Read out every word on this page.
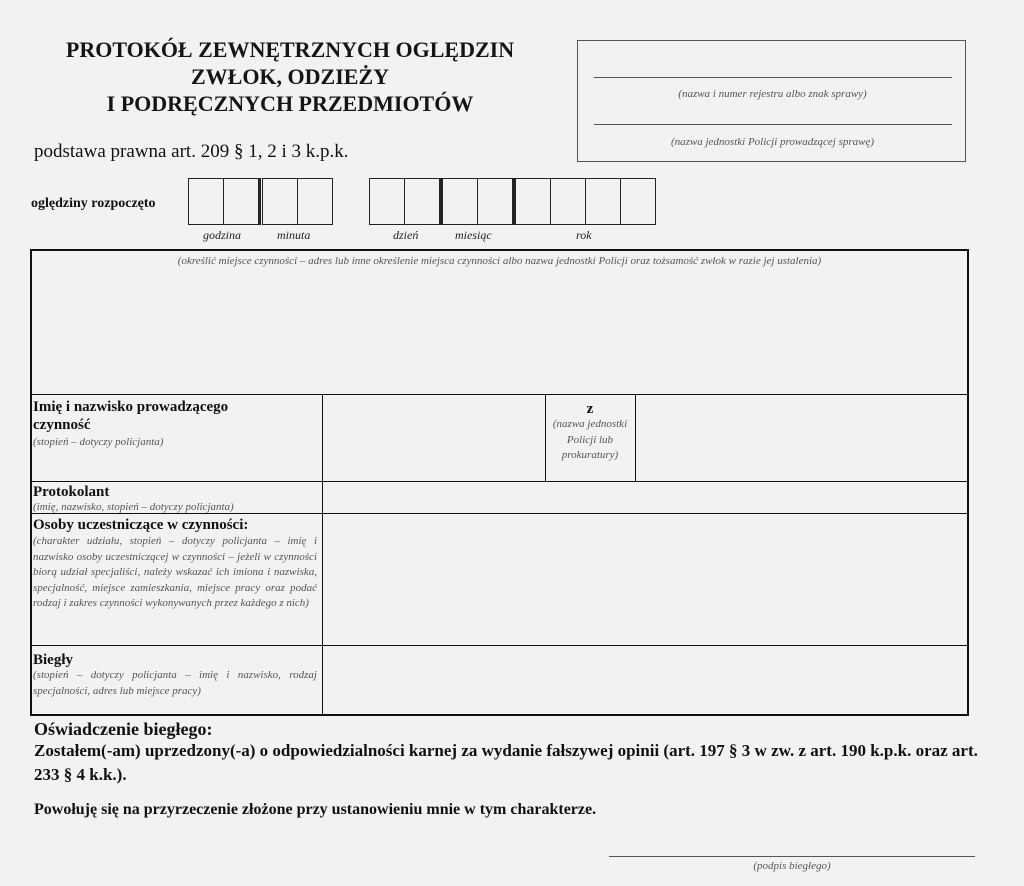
PROTOKÓŁ ZEWNĘTRZNYCH OGLĘDZIN
ZWŁOK, ODZIEŻY
I PODRĘCZNYCH PRZEDMIOTÓW
podstawa prawna art. 209 § 1, 2 i 3 k.p.k.
(nazwa i numer rejestru albo znak sprawy)
(nazwa jednostki Policji prowadzącej sprawę)
oględziny rozpoczęto
godzina	minuta	dzień	miesiąc	rok
(określić miejsce czynności – adres lub inne określenie miejsca czynności albo nazwa jednostki Policji oraz tożsamość zwłok w razie jej ustalenia)
Imię i nazwisko prowadzącego
czynność
(stopień – dotyczy policjanta)
z
(nazwa jednostki Policji lub prokuratury)
Protokolant
(imię, nazwisko, stopień – dotyczy policjanta)
Osoby uczestniczące w czynności:
(charakter udziału, stopień – dotyczy policjanta – imię i nazwisko osoby uczestniczącej w czynności – jeżeli w czynności biorą udział specjaliści, należy wskazać ich imiona i nazwiska, specjalność, miejsce zamieszkania, miejsce pracy oraz podać rodzaj i zakres czynności wykonywanych przez każdego z nich)
Biegły
(stopień – dotyczy policjanta – imię i nazwisko, rodzaj specjalności, adres lub miejsce pracy)
Oświadczenie biegłego:
Zostałem(-am) uprzedzony(-a) o odpowiedzialności karnej za wydanie fałszywej opinii (art. 197 § 3 w zw. z art. 190 k.p.k. oraz art. 233 § 4 k.k.).
Powołuję się na przyrzeczenie złożone przy ustanowieniu mnie w tym charakterze.
(podpis biegłego)
